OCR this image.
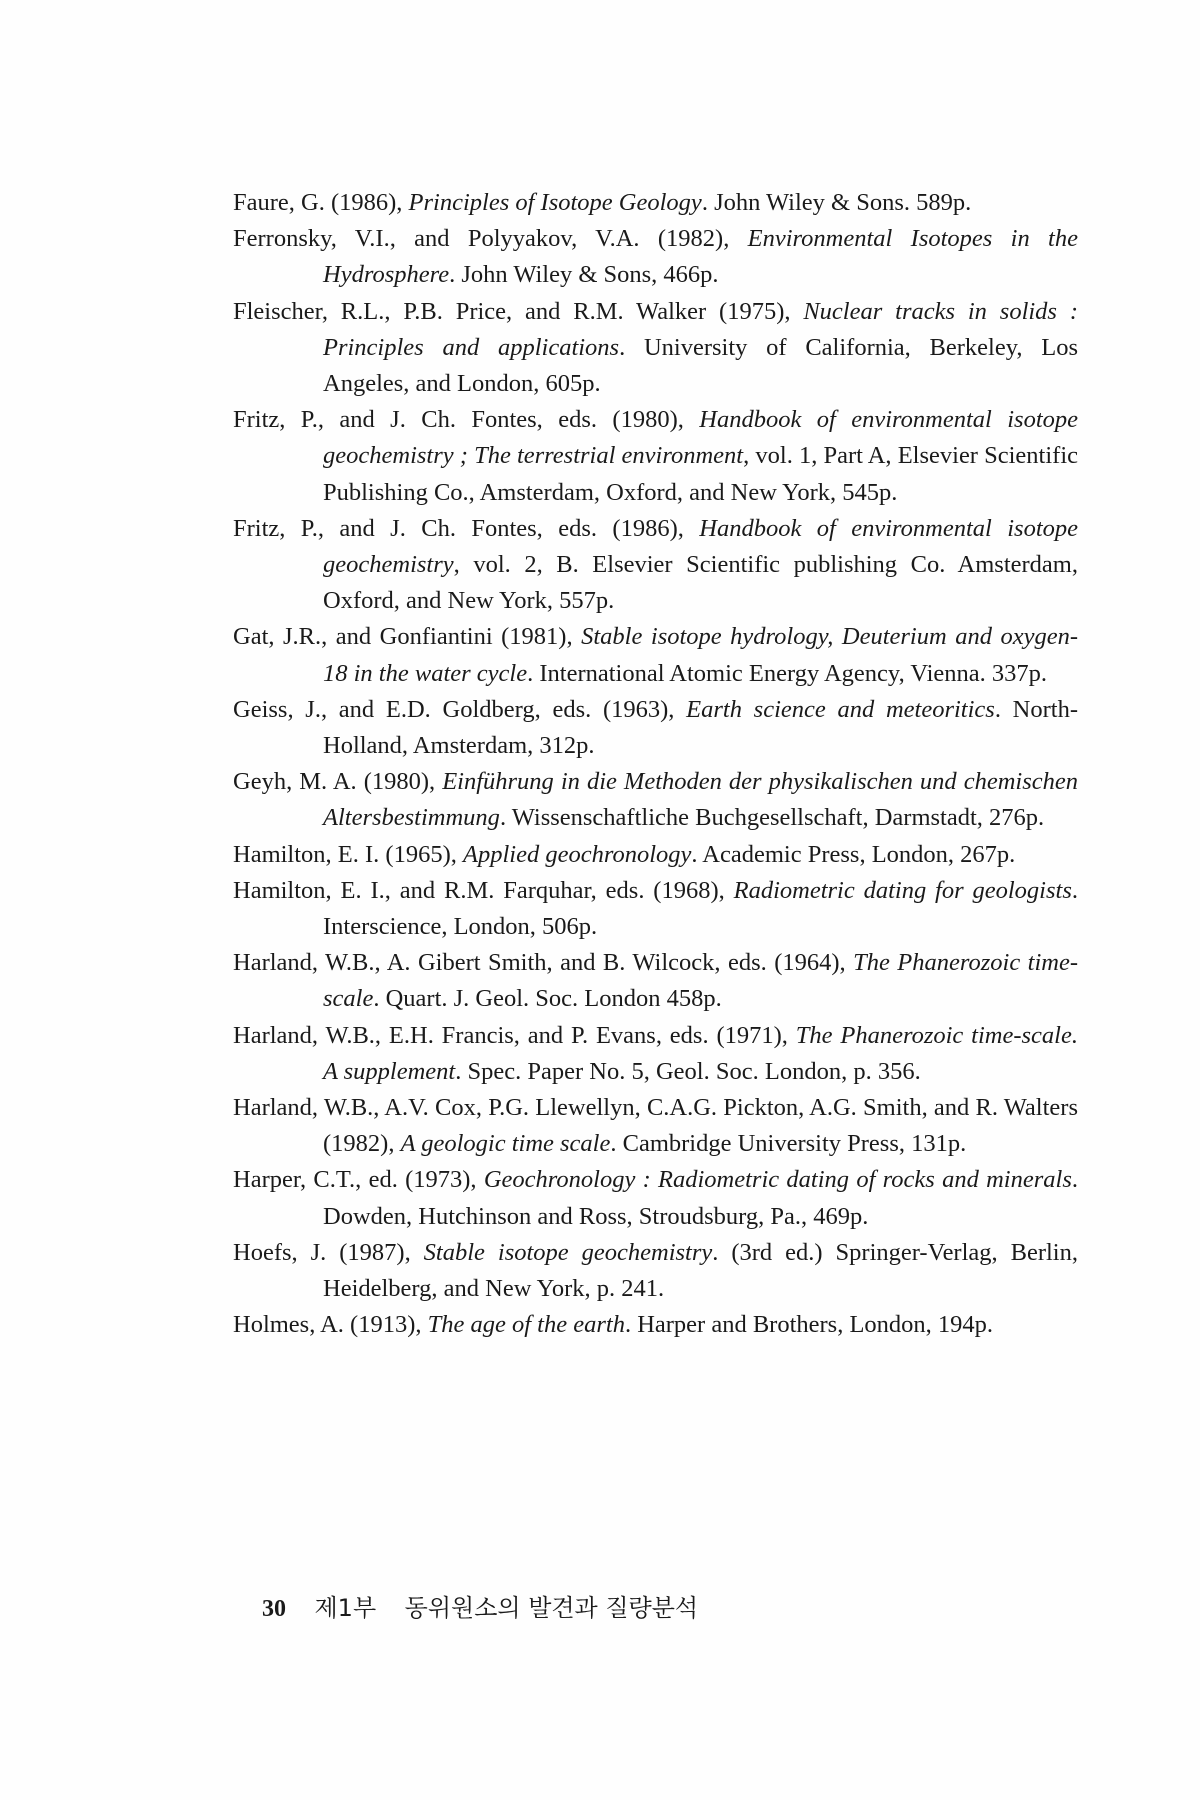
Faure, G. (1986), Principles of Isotope Geology. John Wiley & Sons. 589p.

Ferronsky, V.I., and Polyyakov, V.A. (1982), Environmental Isotopes in the Hydrosphere. John Wiley & Sons, 466p.

Fleischer, R.L., P.B. Price, and R.M. Walker (1975), Nuclear tracks in solids : Principles and applications. University of California, Berkeley, Los Angeles, and London, 605p.

Fritz, P., and J. Ch. Fontes, eds. (1980), Handbook of environmental isotope geochemistry ; The terrestrial environment, vol. 1, Part A, Elsevier Scientific Publishing Co., Amsterdam, Oxford, and New York, 545p.

Fritz, P., and J. Ch. Fontes, eds. (1986), Handbook of environmental isotope geochemistry, vol. 2, B. Elsevier Scientific publishing Co. Amsterdam, Oxford, and New York, 557p.

Gat, J.R., and Gonfiantini (1981), Stable isotope hydrology, Deuterium and oxygen-18 in the water cycle. International Atomic Energy Agency, Vienna. 337p.

Geiss, J., and E.D. Goldberg, eds. (1963), Earth science and meteoritics. North-Holland, Amsterdam, 312p.

Geyh, M. A. (1980), Einführung in die Methoden der physikalischen und chemischen Altersbestimmung. Wissenschaftliche Buchgesellschaft, Darmstadt, 276p.

Hamilton, E. I. (1965), Applied geochronology. Academic Press, London, 267p.

Hamilton, E. I., and R.M. Farquhar, eds. (1968), Radiometric dating for geologists. Interscience, London, 506p.

Harland, W.B., A. Gibert Smith, and B. Wilcock, eds. (1964), The Phanerozoic time-scale. Quart. J. Geol. Soc. London 458p.

Harland, W.B., E.H. Francis, and P. Evans, eds. (1971), The Phanerozoic time-scale. A supplement. Spec. Paper No. 5, Geol. Soc. London, p. 356.

Harland, W.B., A.V. Cox, P.G. Llewellyn, C.A.G. Pickton, A.G. Smith, and R. Walters (1982), A geologic time scale. Cambridge University Press, 131p.

Harper, C.T., ed. (1973), Geochronology : Radiometric dating of rocks and minerals. Dowden, Hutchinson and Ross, Stroudsburg, Pa., 469p.

Hoefs, J. (1987), Stable isotope geochemistry. (3rd ed.) Springer-Verlag, Berlin, Heidelberg, and New York, p. 241.

Holmes, A. (1913), The age of the earth. Harper and Brothers, London, 194p.

30 제1부 동위원소의 발견과 질량분석
